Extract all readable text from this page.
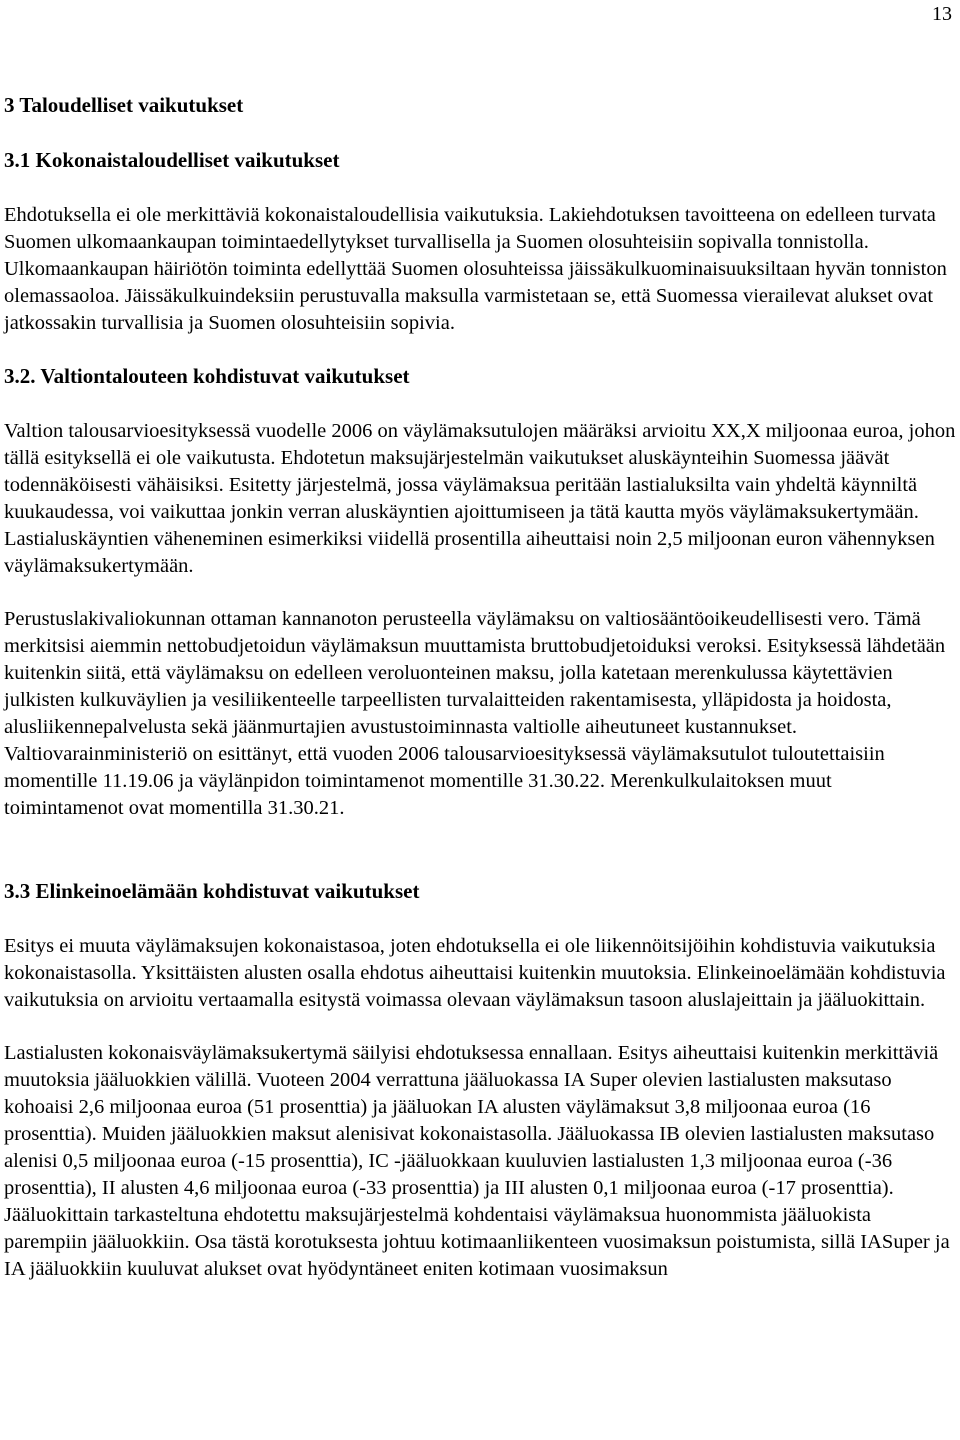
13
3 Taloudelliset vaikutukset
3.1 Kokonaistaloudelliset vaikutukset

Ehdotuksella ei ole merkittäviä kokonaistaloudellisia vaikutuksia. Lakiehdotuksen tavoitteena on edelleen turvata Suomen ulkomaankaupan toimintaedellytykset turvallisella ja Suomen olosuhteisiin sopivalla tonnistolla. Ulkomaankaupan häiriötön toiminta edellyttää Suomen olosuhteissa jäissäkulkuominaisuuksiltaan hyvän tonniston olemassaoloa. Jäissäkulkuindeksiin perustuvalla maksulla varmistetaan se, että Suomessa vierailevat alukset ovat jatkossakin turvallisia ja Suomen olosuhteisiin sopivia.

3.2. Valtiontalouteen kohdistuvat vaikutukset

Valtion talousarvioesityksessä vuodelle 2006 on väylämaksutulojen määräksi arvioitu XX,X miljoonaa euroa, johon tällä esityksellä ei ole vaikutusta. Ehdotetun maksujärjestelmän vaikutukset aluskäynteihin Suomessa jäävät todennäköisesti vähäisiksi. Esitetty järjestelmä, jossa väylämaksua peritään lastialuksilta vain yhdeltä käynniltä kuukaudessa, voi vaikuttaa jonkin verran aluskäyntien ajoittumiseen ja tätä kautta myös väylämaksukertymään. Lastialuskäyntien väheneminen esimerkiksi viidellä prosentilla aiheuttaisi noin 2,5 miljoonan euron vähennyksen väylämaksukertymään.

Perustuslakivaliokunnan ottaman kannanoton perusteella väylämaksu on valtiosääntöoikeudellisesti vero. Tämä merkitsisi aiemmin nettobudjetoidun väylämaksun muuttamista bruttobudjetoiduksi veroksi. Esityksessä lähdetään kuitenkin siitä, että väylämaksu on edelleen veroluonteinen maksu, jolla katetaan merenkulussa käytettävien julkisten kulkuväylien ja vesiliikenteelle tarpeellisten turvalaitteiden rakentamisesta, ylläpidosta ja hoidosta, alusliikennepalvelusta sekä jäänmurtajien avustustoiminnasta valtiolle aiheutuneet kustannukset. Valtiovarainministeriö on esittänyt, että vuoden 2006 talousarvioesityksessä väylämaksutulot tuloutettaisiin momentille 11.19.06 ja väylänpidon toimintamenot momentille 31.30.22. Merenkulkulaitoksen muut toimintamenot ovat momentilla 31.30.21.

3.3 Elinkeinoelämään kohdistuvat vaikutukset

Esitys ei muuta väylämaksujen kokonaistasoa, joten ehdotuksella ei ole liikennöitsijöihin kohdistuvia vaikutuksia kokonaistasolla. Yksittäisten alusten osalla ehdotus aiheuttaisi kuitenkin muutoksia. Elinkeinoelämään kohdistuvia vaikutuksia on arvioitu vertaamalla esitystä voimassa olevaan väylämaksun tasoon aluslajeittain ja jääluokittain.

Lastialusten kokonaisväylämaksukertymä säilyisi ehdotuksessa ennallaan. Esitys aiheuttaisi kuitenkin merkittäviä muutoksia jääluokkien välillä. Vuoteen 2004 verrattuna jääluokassa IA Super olevien lastialusten maksutaso kohoaisi 2,6 miljoonaa euroa (51 prosenttia) ja jääluokan IA alusten väylämaksut 3,8 miljoonaa euroa (16 prosenttia). Muiden jääluokkien maksut alenisivat kokonaistasolla. Jääluokassa IB olevien lastialusten maksutaso alenisi 0,5 miljoonaa euroa (-15 prosenttia), IC -jääluokkaan kuuluvien lastialusten 1,3 miljoonaa euroa (-36 prosenttia), II alusten 4,6 miljoonaa euroa (-33 prosenttia) ja III alusten 0,1 miljoonaa euroa (-17 prosenttia). Jääluokittain tarkasteltuna ehdotettu maksujärjestelmä kohdentaisi väylämaksua huonommista jääluokista parempiin jääluokkiin. Osa tästä korotuksesta johtuu kotimaanliikenteen vuosimaksun poistumista, sillä IASuper ja IA jääluokkiin kuuluvat alukset ovat hyödyntäneet eniten kotimaan vuosimaksun
